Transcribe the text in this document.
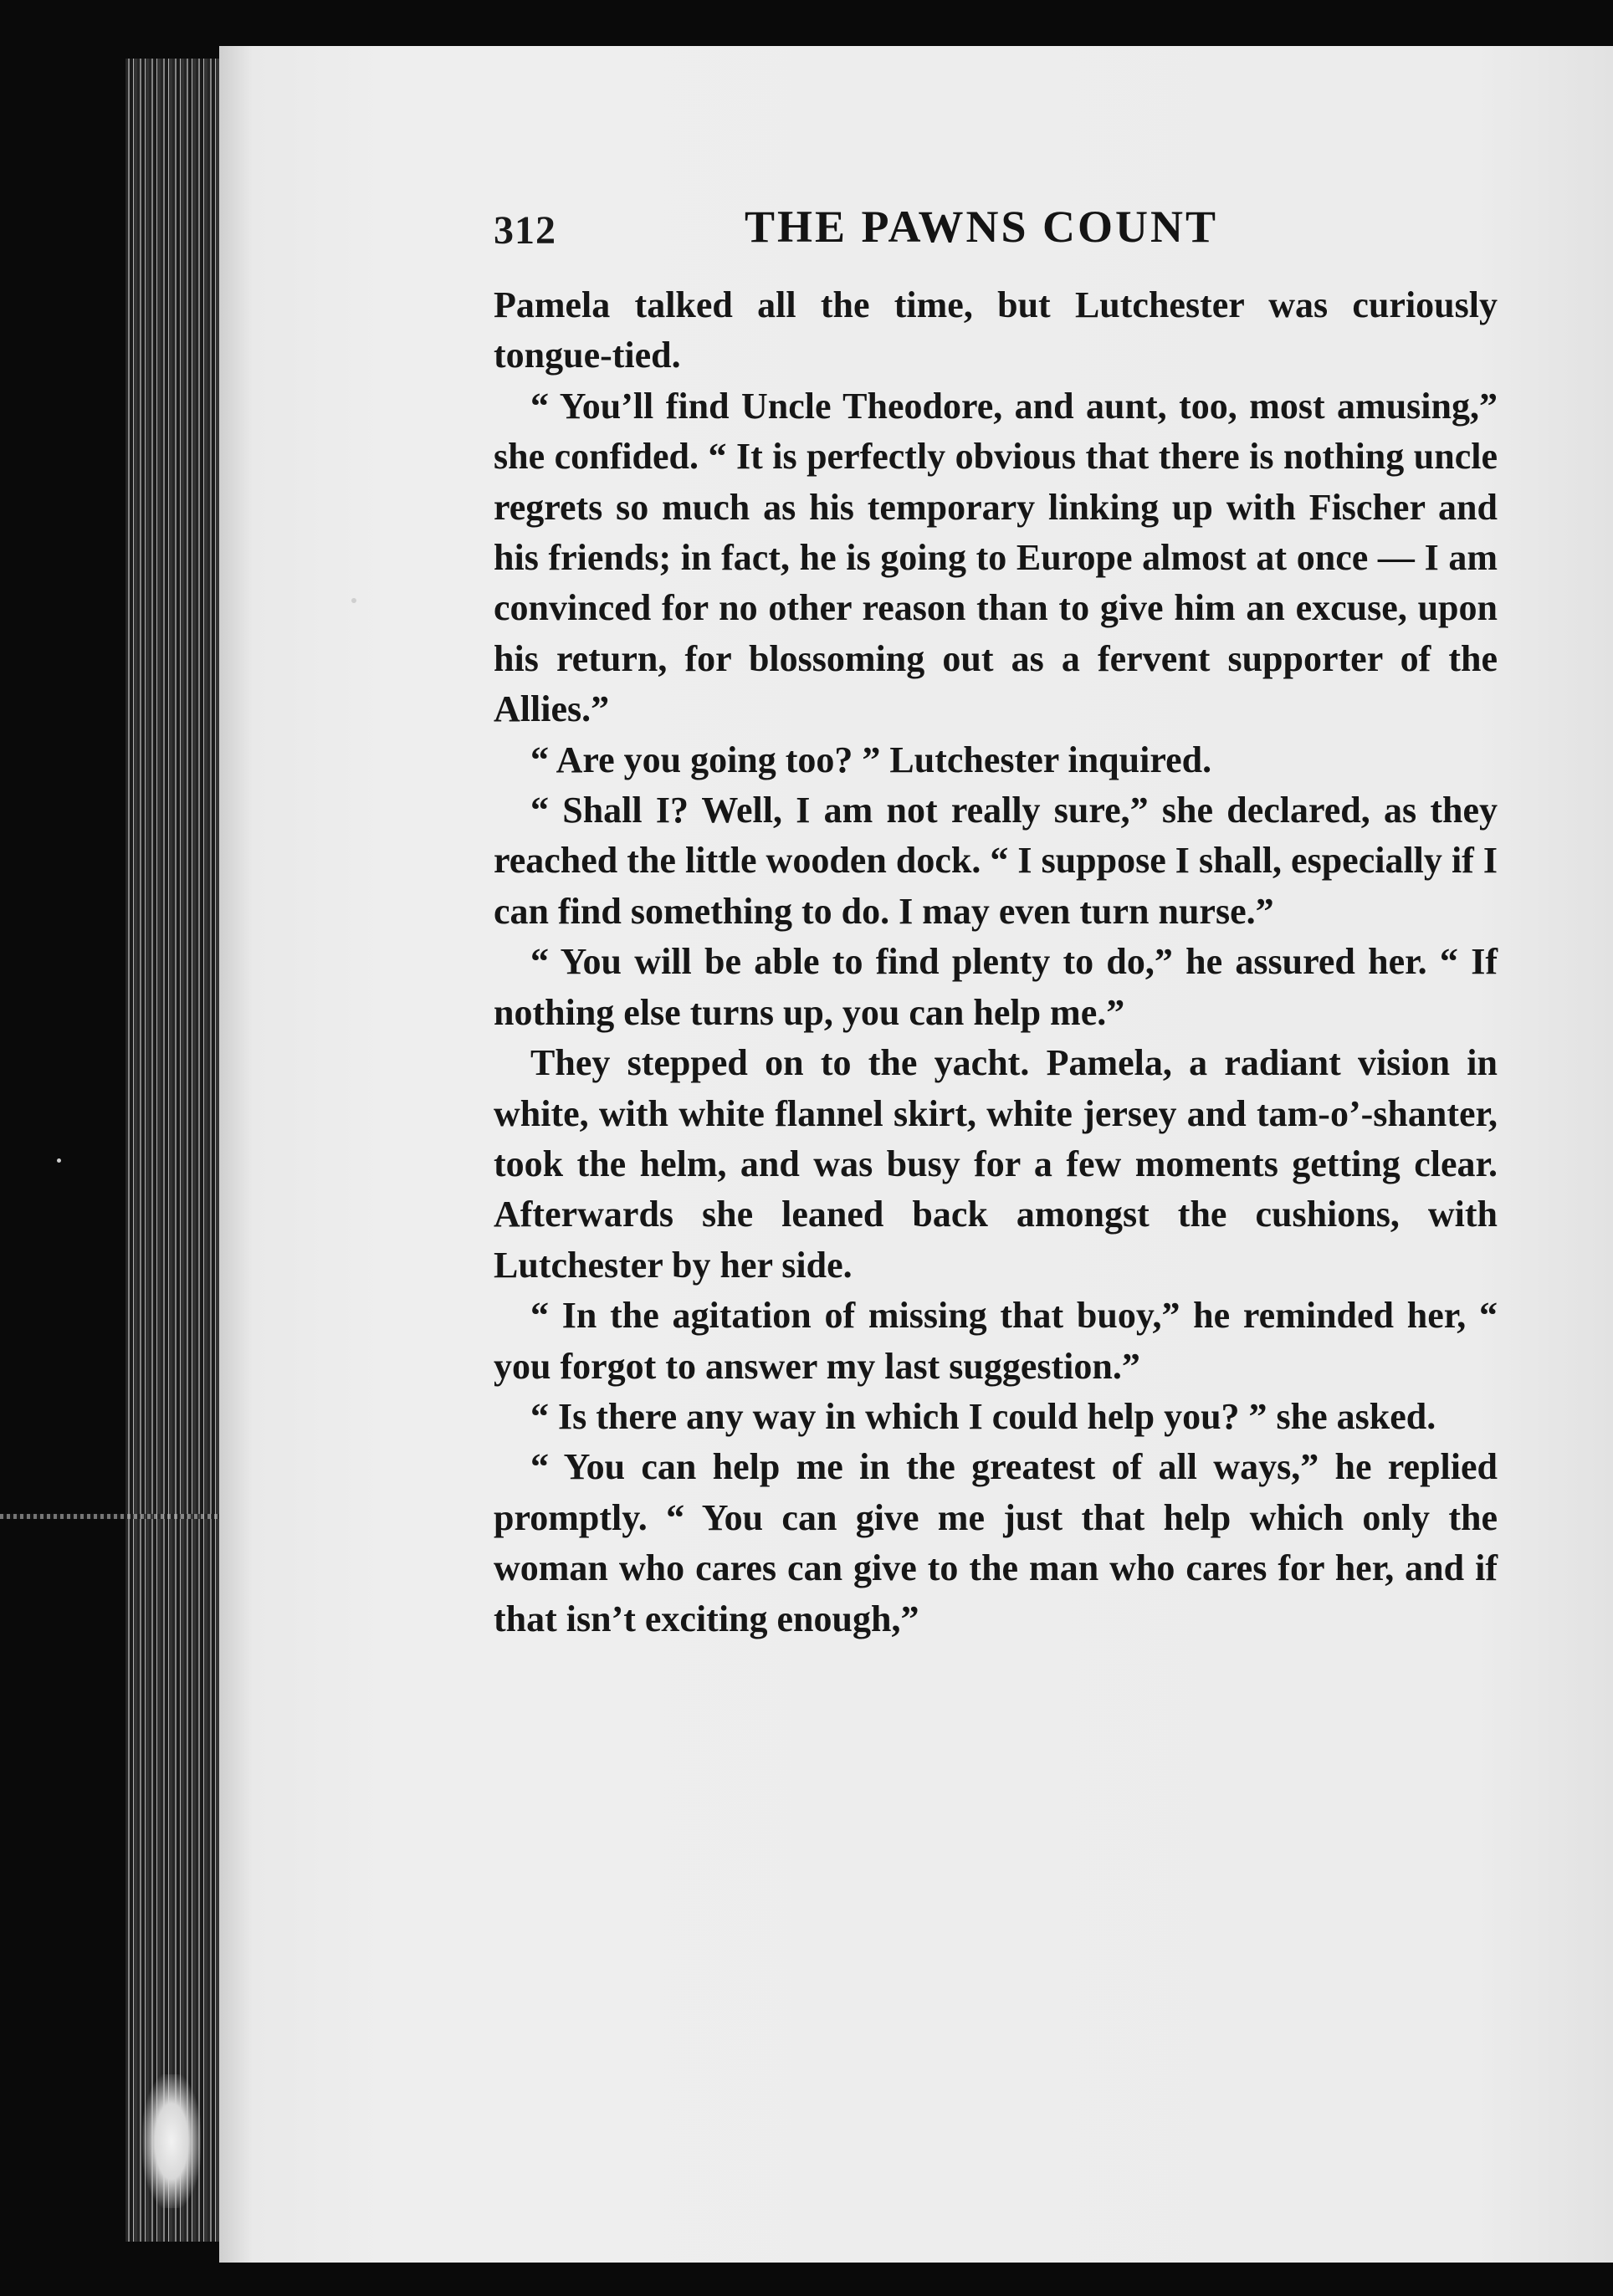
312	THE PAWNS COUNT

Pamela talked all the time, but Lutchester was curiously tongue-tied.

“ You’ll find Uncle Theodore, and aunt, too, most amusing,” she confided. “ It is perfectly obvious that there is nothing uncle regrets so much as his temporary linking up with Fischer and his friends; in fact, he is going to Europe almost at once — I am convinced for no other reason than to give him an excuse, upon his return, for blossoming out as a fervent supporter of the Allies.”

“ Are you going too? ” Lutchester inquired.

“ Shall I? Well, I am not really sure,” she declared, as they reached the little wooden dock. “ I suppose I shall, especially if I can find something to do. I may even turn nurse.”

“ You will be able to find plenty to do,” he assured her. “ If nothing else turns up, you can help me.”

They stepped on to the yacht. Pamela, a radiant vision in white, with white flannel skirt, white jersey and tam-o’-shanter, took the helm, and was busy for a few moments getting clear. Afterwards she leaned back amongst the cushions, with Lutchester by her side.

“ In the agitation of missing that buoy,” he reminded her, “ you forgot to answer my last suggestion.”

“ Is there any way in which I could help you? ” she asked.

“ You can help me in the greatest of all ways,” he replied promptly. “ You can give me just that help which only the woman who cares can give to the man who cares for her, and if that isn’t exciting enough,”
